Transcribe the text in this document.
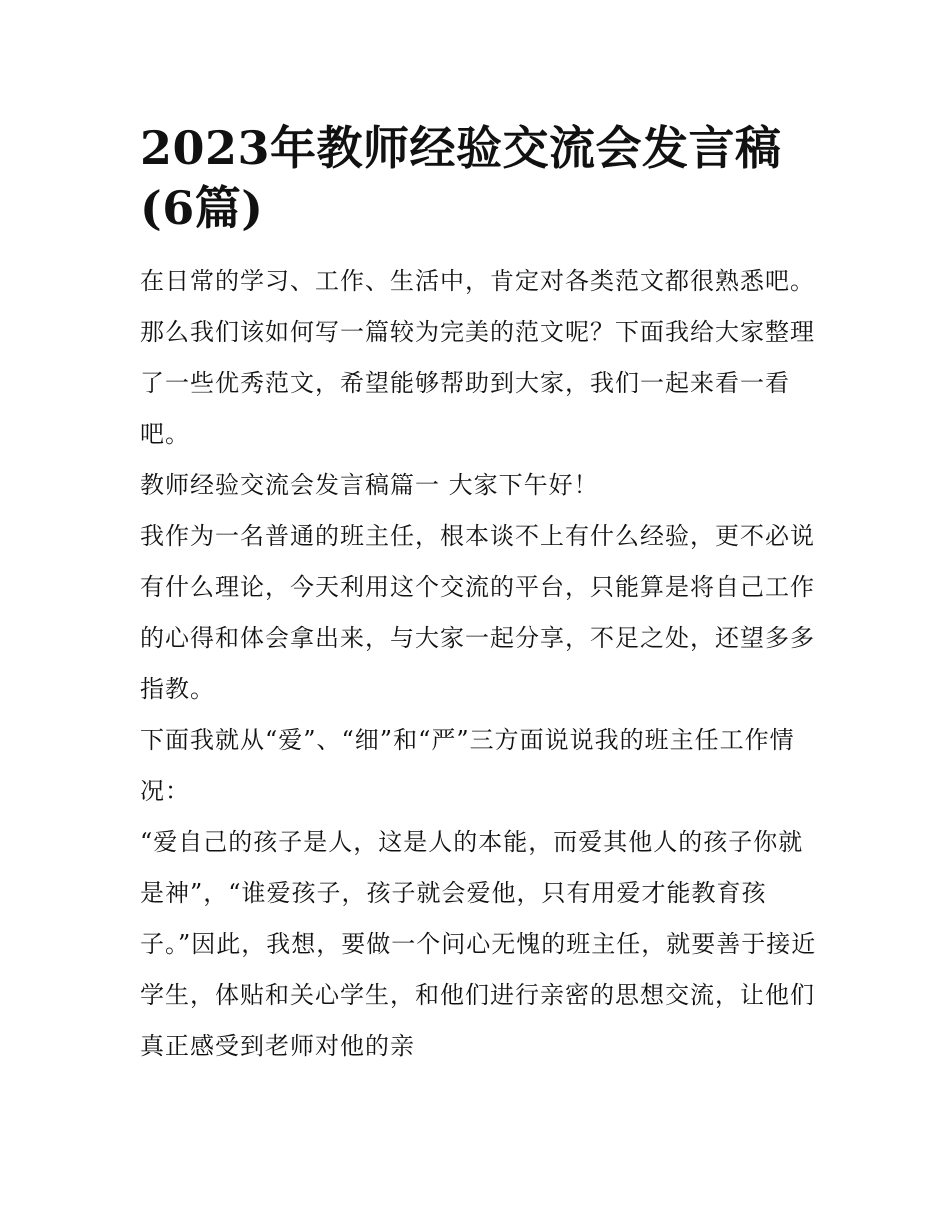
2023年教师经验交流会发言稿(6篇)

在日常的学习、工作、生活中，肯定对各类范文都很熟悉吧。那么我们该如何写一篇较为完美的范文呢？下面我给大家整理了一些优秀范文，希望能够帮助到大家，我们一起来看一看吧。

教师经验交流会发言稿篇一 大家下午好！

我作为一名普通的班主任，根本谈不上有什么经验，更不必说有什么理论，今天利用这个交流的平台，只能算是将自己工作的心得和体会拿出来，与大家一起分享，不足之处，还望多多指教。

下面我就从“爱”、“细”和“严”三方面说说我的班主任工作情况：

“爱自己的孩子是人，这是人的本能，而爱其他人的孩子你就是神”，“谁爱孩子，孩子就会爱他，只有用爱才能教育孩子。”因此，我想，要做一个问心无愧的班主任，就要善于接近学生，体贴和关心学生，和他们进行亲密的思想交流，让他们真正感受到老师对他的亲
